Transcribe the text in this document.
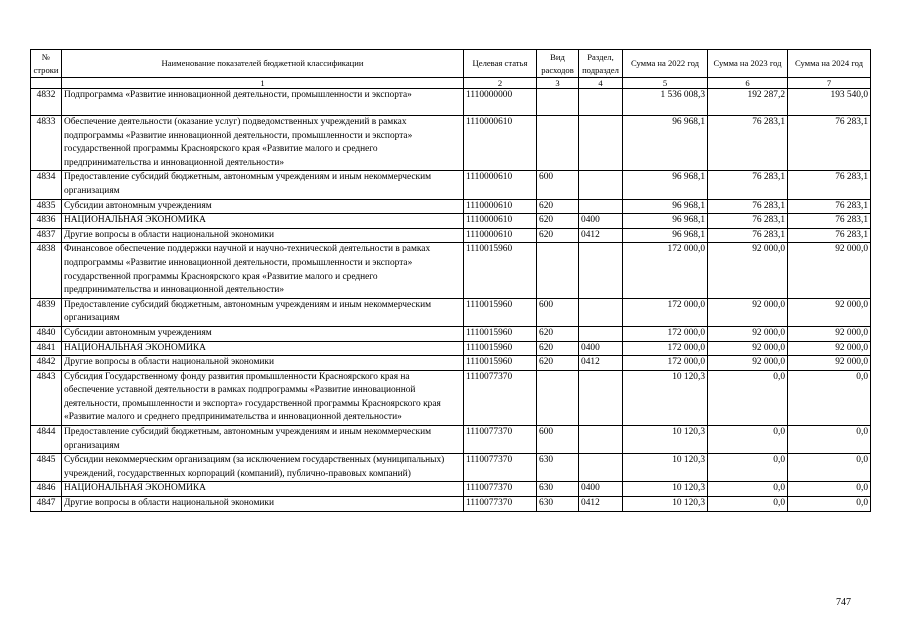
№ строки	Наименование показателей бюджетной классификации	Целевая статья	Вид расходов	Раздел, подраздел	Сумма на 2022 год	Сумма на 2023 год	Сумма на 2024 год
	1	2	3	4	5	6	7
4832	Подпрограмма «Развитие инновационной деятельности, промышленности и экспорта»	1110000000			1 536 008,3	192 287,2	193 540,0
4833	Обеспечение деятельности (оказание услуг) подведомственных учреждений в рамках подпрограммы «Развитие инновационной деятельности, промышленности и экспорта» государственной программы Красноярского края «Развитие малого и среднего предпринимательства и инновационной деятельности»	1110000610			96 968,1	76 283,1	76 283,1
4834	Предоставление субсидий бюджетным, автономным учреждениям и иным некоммерческим организациям	1110000610	600		96 968,1	76 283,1	76 283,1
4835	Субсидии автономным учреждениям	1110000610	620		96 968,1	76 283,1	76 283,1
4836	НАЦИОНАЛЬНАЯ ЭКОНОМИКА	1110000610	620	0400	96 968,1	76 283,1	76 283,1
4837	Другие вопросы в области национальной экономики	1110000610	620	0412	96 968,1	76 283,1	76 283,1
4838	Финансовое обеспечение поддержки научной и научно-технической деятельности в рамках подпрограммы «Развитие инновационной деятельности, промышленности и экспорта» государственной программы Красноярского края «Развитие малого и среднего предпринимательства и инновационной деятельности»	1110015960			172 000,0	92 000,0	92 000,0
4839	Предоставление субсидий бюджетным, автономным учреждениям и иным некоммерческим организациям	1110015960	600		172 000,0	92 000,0	92 000,0
4840	Субсидии автономным учреждениям	1110015960	620		172 000,0	92 000,0	92 000,0
4841	НАЦИОНАЛЬНАЯ ЭКОНОМИКА	1110015960	620	0400	172 000,0	92 000,0	92 000,0
4842	Другие вопросы в области национальной экономики	1110015960	620	0412	172 000,0	92 000,0	92 000,0
4843	Субсидия Государственному фонду развития промышленности Красноярского края на обеспечение уставной деятельности в рамках подпрограммы «Развитие инновационной деятельности, промышленности и экспорта» государственной программы Красноярского края «Развитие малого и среднего предпринимательства и инновационной деятельности»	1110077370			10 120,3	0,0	0,0
4844	Предоставление субсидий бюджетным, автономным учреждениям и иным некоммерческим организациям	1110077370	600		10 120,3	0,0	0,0
4845	Субсидии некоммерческим организациям (за исключением государственных (муниципальных) учреждений, государственных корпораций (компаний), публично-правовых компаний)	1110077370	630		10 120,3	0,0	0,0
4846	НАЦИОНАЛЬНАЯ ЭКОНОМИКА	1110077370	630	0400	10 120,3	0,0	0,0
4847	Другие вопросы в области национальной экономики	1110077370	630	0412	10 120,3	0,0	0,0
747
